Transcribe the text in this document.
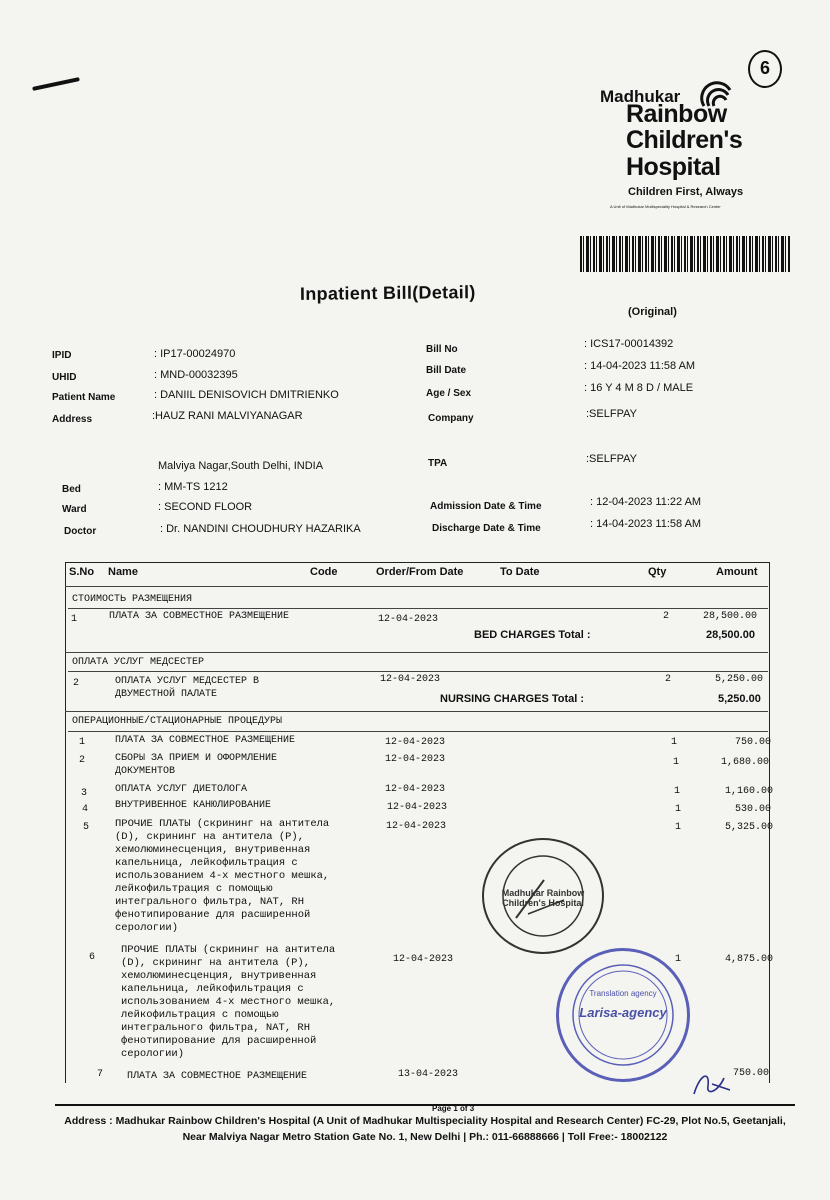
6
Madhukar
Rainbow
Children's
Hospital
Children First, Always
A Unit of Madhukar Multispeciality Hospital & Research Center
Inpatient Bill(Detail)
(Original)
IPID	: IP17-00024970
UHID	: MND-00032395
Patient Name	: DANIIL DENISOVICH DMITRIENKO
Address	:HAUZ RANI MALVIYANAGAR
Malviya Nagar,South Delhi, INDIA
Bed	: MM-TS 1212
Ward	: SECOND FLOOR
Doctor	: Dr. NANDINI CHOUDHURY HAZARIKA
Bill No	: ICS17-00014392
Bill Date	: 14-04-2023 11:58 AM
Age / Sex	: 16 Y 4 M 8 D / MALE
Company	:SELFPAY
TPA	:SELFPAY
Admission Date & Time	: 12-04-2023 11:22 AM
Discharge Date & Time	: 14-04-2023 11:58 AM
S.No Name	Code	Order/From Date	To Date	Qty	Amount
СТОИМОСТЬ РАЗМЕЩЕНИЯ
1	ПЛАТА ЗА СОВМЕСТНОЕ РАЗМЕЩЕНИЕ	12-04-2023	2	28,500.00
BED CHARGES Total :	28,500.00
ОПЛАТА УСЛУГ МЕДСЕСТЕР
2	ОПЛАТА УСЛУГ МЕДСЕСТЕР В
ДВУМЕСТНОЙ ПАЛАТЕ
12-04-2023	2	5,250.00
NURSING CHARGES Total :	5,250.00
ОПЕРАЦИОННЫЕ/СТАЦИОНАРНЫЕ ПРОЦЕДУРЫ
1	ПЛАТА ЗА СОВМЕСТНОЕ РАЗМЕЩЕНИЕ	12-04-2023	1	750.00
2	СБОРЫ ЗА ПРИЕМ И ОФОРМЛЕНИЕ
ДОКУМЕНТОВ
12-04-2023	1	1,680.00
3	ОПЛАТА УСЛУГ ДИЕТОЛОГА	12-04-2023	1	1,160.00
4	ВНУТРИВЕННОЕ КАНЮЛИРОВАНИЕ	12-04-2023	1	530.00
5 ПРОЧИЕ ПЛАТЫ (скрининг на антитела
(D), скрининг на антитела (P),
хемолюминесценция, внутривенная
капельница, лейкофильтрация с
использованием 4-х местного мешка,
лейкофильтрация с помощью
интегрального фильтра, NAT, RH
фенотипирование для расширенной
серологии)
12-04-2023	1	5,325.00
6
ПРОЧИЕ ПЛАТЫ (скрининг на антитела
(D), скрининг на антитела (P),
хемолюминесценция, внутривенная
капельница, лейкофильтрация с
использованием 4-х местного мешка,
лейкофильтрация с помощью
интегрального фильтра, NAT, RH
фенотипирование для расширенной
серологии)
12-04-2023	1	4,875.00
7 ПЛАТА ЗА СОВМЕСТНОЕ РАЗМЕЩЕНИЕ	13-04-2023	750.00
Madhukar Rainbow Children's Hospital
Larisa-agency
Translation agency
Page 1 of 3
Address : Madhukar Rainbow Children's Hospital (A Unit of Madhukar Multispeciality Hospital and Research Center) FC-29, Plot No.5, Geetanjali,
Near Malviya Nagar Metro Station Gate No. 1, New Delhi | Ph.: 011-66888666 | Toll Free:- 18002122
